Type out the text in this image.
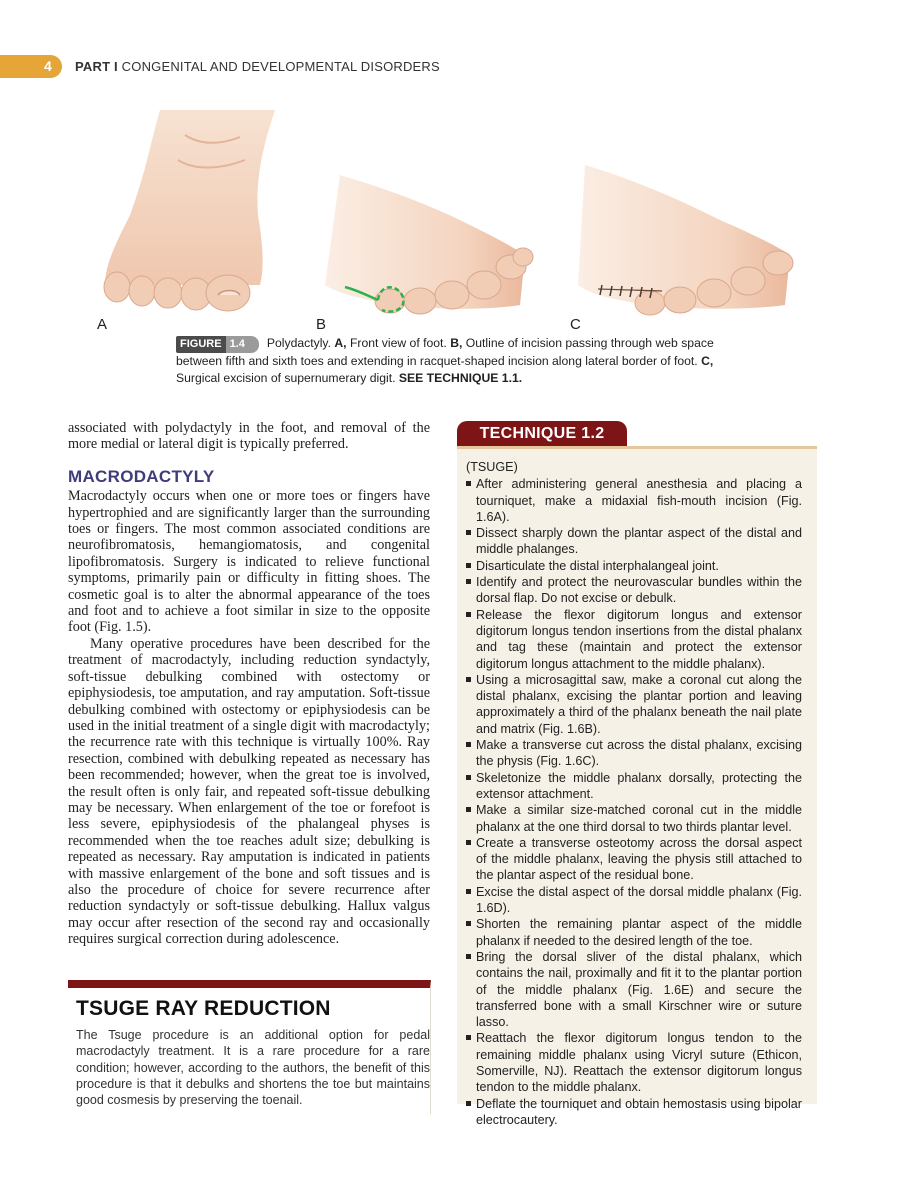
4 PART I CONGENITAL AND DEVELOPMENTAL DISORDERS
A	B	C
FIGURE 1.4 Polydactyly. A, Front view of foot. B, Outline of incision passing through web space between fifth and sixth toes and extending in racquet-shaped incision along lateral border of foot. C, Surgical excision of supernumerary digit. SEE TECHNIQUE 1.1.

associated with polydactyly in the foot, and removal of the more medial or lateral digit is typically preferred.

MACRODACTYLY

Macrodactyly occurs when one or more toes or fingers have hypertrophied and are significantly larger than the surrounding toes or fingers. The most common associated conditions are neurofibromatosis, hemangiomatosis, and congenital lipofibromatosis. Surgery is indicated to relieve functional symptoms, primarily pain or difficulty in fitting shoes. The cosmetic goal is to alter the abnormal appearance of the toes and foot and to achieve a foot similar in size to the opposite foot (Fig. 1.5).

Many operative procedures have been described for the treatment of macrodactyly, including reduction syndactyly, soft-tissue debulking combined with ostectomy or epiphysiodesis, toe amputation, and ray amputation. Soft-tissue debulking combined with ostectomy or epiphysiodesis can be used in the initial treatment of a single digit with macrodactyly; the recurrence rate with this technique is virtually 100%. Ray resection, combined with debulking repeated as necessary has been recommended; however, when the great toe is involved, the result often is only fair, and repeated soft-tissue debulking may be necessary. When enlargement of the toe or forefoot is less severe, epiphysiodesis of the phalangeal physes is recommended when the toe reaches adult size; debulking is repeated as necessary. Ray amputation is indicated in patients with massive enlargement of the bone and soft tissues and is also the procedure of choice for severe recurrence after reduction syndactyly or soft-tissue debulking. Hallux valgus may occur after resection of the second ray and occasionally requires surgical correction during adolescence.

TSUGE RAY REDUCTION

The Tsuge procedure is an additional option for pedal macrodactyly treatment. It is a rare procedure for a rare condition; however, according to the authors, the benefit of this procedure is that it debulks and shortens the toe but maintains good cosmesis by preserving the toenail.

TECHNIQUE 1.2
(TSUGE)
After administering general anesthesia and placing a tourniquet, make a midaxial fish-mouth incision (Fig. 1.6A).
Dissect sharply down the plantar aspect of the distal and middle phalanges.
Disarticulate the distal interphalangeal joint.
Identify and protect the neurovascular bundles within the dorsal flap. Do not excise or debulk.
Release the flexor digitorum longus and extensor digitorum longus tendon insertions from the distal phalanx and tag these (maintain and protect the extensor digitorum longus attachment to the middle phalanx).
Using a microsagittal saw, make a coronal cut along the distal phalanx, excising the plantar portion and leaving approximately a third of the phalanx beneath the nail plate and matrix (Fig. 1.6B).
Make a transverse cut across the distal phalanx, excising the physis (Fig. 1.6C).
Skeletonize the middle phalanx dorsally, protecting the extensor attachment.
Make a similar size-matched coronal cut in the middle phalanx at the one third dorsal to two thirds plantar level.
Create a transverse osteotomy across the dorsal aspect of the middle phalanx, leaving the physis still attached to the plantar aspect of the residual bone.
Excise the distal aspect of the dorsal middle phalanx (Fig. 1.6D).
Shorten the remaining plantar aspect of the middle phalanx if needed to the desired length of the toe.
Bring the dorsal sliver of the distal phalanx, which contains the nail, proximally and fit it to the plantar portion of the middle phalanx (Fig. 1.6E) and secure the transferred bone with a small Kirschner wire or suture lasso.
Reattach the flexor digitorum longus tendon to the remaining middle phalanx using Vicryl suture (Ethicon, Somerville, NJ). Reattach the extensor digitorum longus tendon to the middle phalanx.
Deflate the tourniquet and obtain hemostasis using bipolar electrocautery.
